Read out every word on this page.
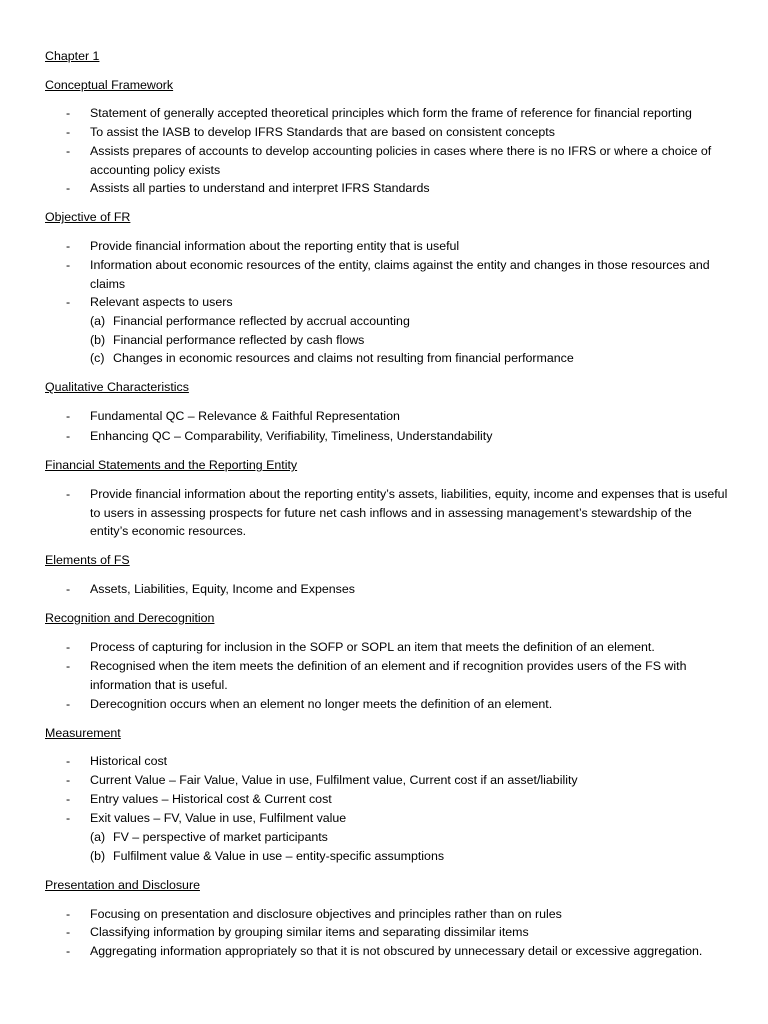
Chapter 1
Conceptual Framework
- Statement of generally accepted theoretical principles which form the frame of reference for financial reporting
- To assist the IASB to develop IFRS Standards that are based on consistent concepts
- Assists prepares of accounts to develop accounting policies in cases where there is no IFRS or where a choice of accounting policy exists
- Assists all parties to understand and interpret IFRS Standards
Objective of FR
- Provide financial information about the reporting entity that is useful
- Information about economic resources of the entity, claims against the entity and changes in those resources and claims
- Relevant aspects to users
(a) Financial performance reflected by accrual accounting
(b) Financial performance reflected by cash flows
(c) Changes in economic resources and claims not resulting from financial performance
Qualitative Characteristics
- Fundamental QC – Relevance & Faithful Representation
- Enhancing QC – Comparability, Verifiability, Timeliness, Understandability
Financial Statements and the Reporting Entity
- Provide financial information about the reporting entity’s assets, liabilities, equity, income and expenses that is useful to users in assessing prospects for future net cash inflows and in assessing management’s stewardship of the entity’s economic resources.
Elements of FS
- Assets, Liabilities, Equity, Income and Expenses
Recognition and Derecognition
- Process of capturing for inclusion in the SOFP or SOPL an item that meets the definition of an element.
- Recognised when the item meets the definition of an element and if recognition provides users of the FS with information that is useful.
- Derecognition occurs when an element no longer meets the definition of an element.
Measurement
- Historical cost
- Current Value – Fair Value, Value in use, Fulfilment value, Current cost if an asset/liability
- Entry values – Historical cost & Current cost
- Exit values – FV, Value in use, Fulfilment value
(a) FV – perspective of market participants
(b) Fulfilment value & Value in use – entity-specific assumptions
Presentation and Disclosure
- Focusing on presentation and disclosure objectives and principles rather than on rules
- Classifying information by grouping similar items and separating dissimilar items
- Aggregating information appropriately so that it is not obscured by unnecessary detail or excessive aggregation.
